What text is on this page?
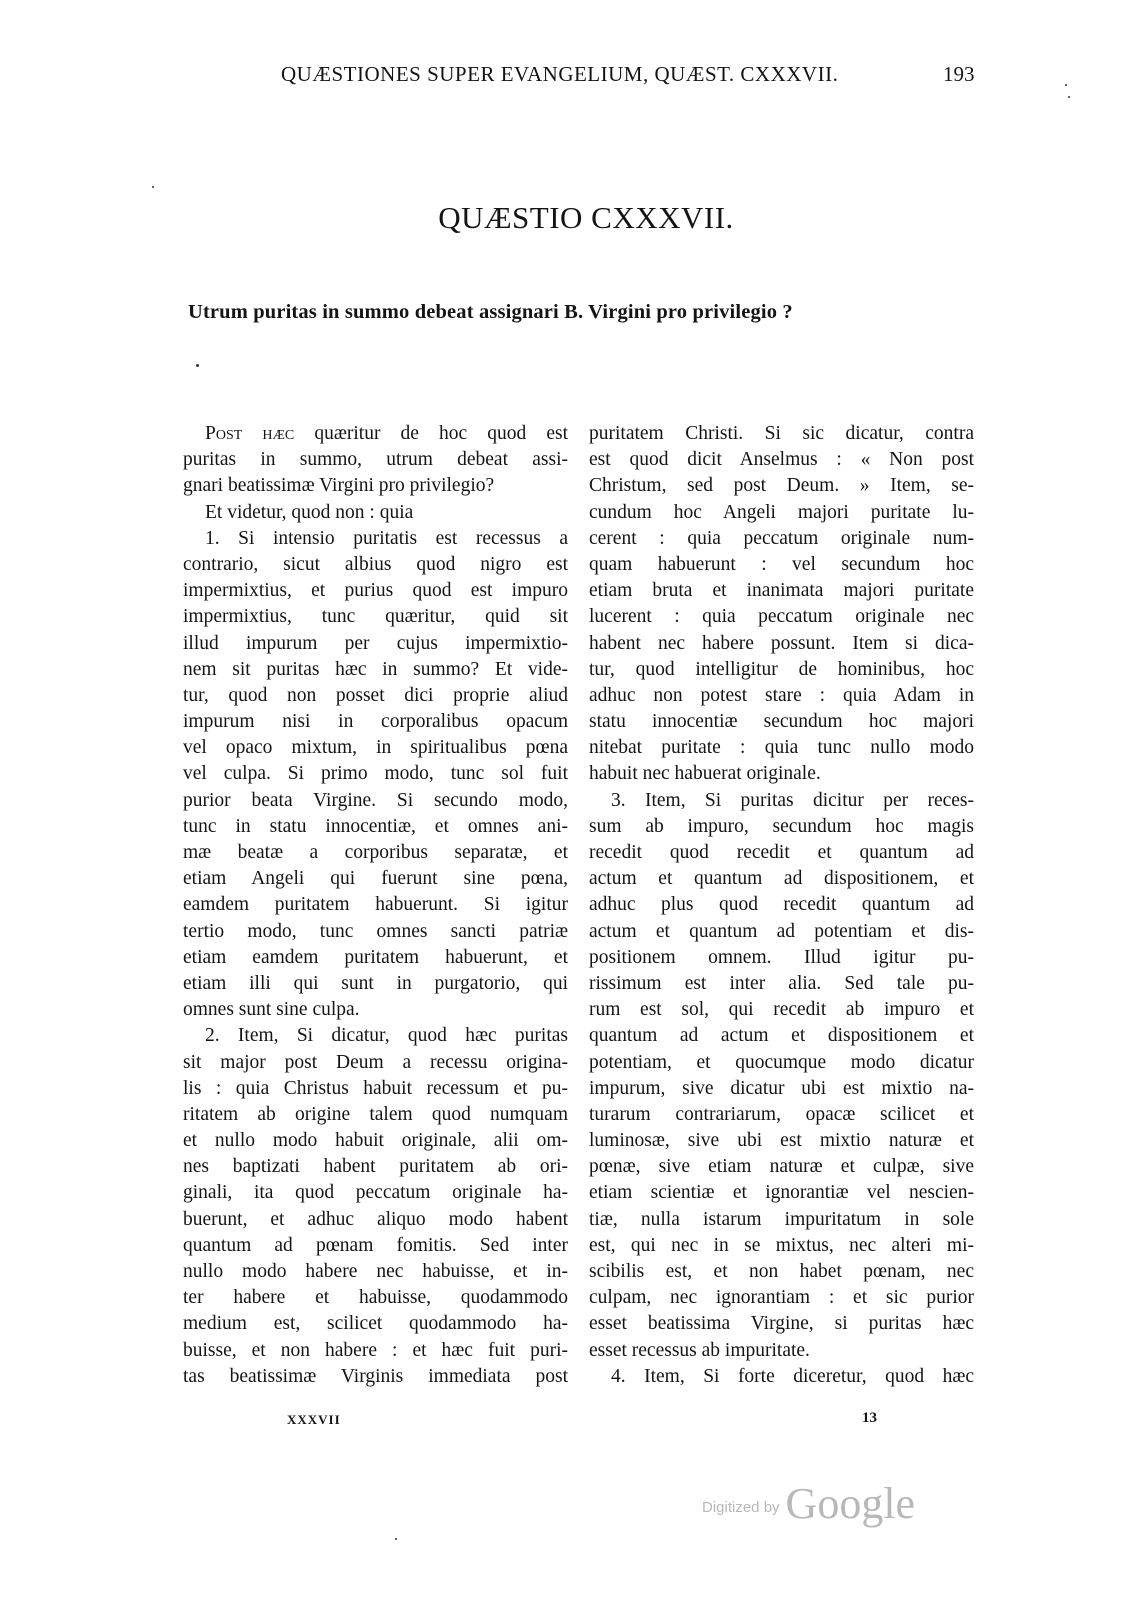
QUÆSTIONES SUPER EVANGELIUM, QUÆST. CXXXVII.	193
QUÆSTIO CXXXVII.
Utrum puritas in summo debeat assignari B. Virgini pro privilegio ?
Post hæc quæritur de hoc quod est
puritas in summo, utrum debeat assi-
gnari beatissimæ Virgini pro privilegio?
Et videtur, quod non : quia
1. Si intensio puritatis est recessus a
contrario, sicut albius quod nigro est
impermixtius, et purius quod est impuro
impermixtius, tunc quæritur, quid sit
illud impurum per cujus impermixtio-
nem sit puritas hæc in summo? Et vide-
tur, quod non posset dici proprie aliud
impurum nisi in corporalibus opacum
vel opaco mixtum, in spiritualibus pœna
vel culpa. Si primo modo, tunc sol fuit
purior beata Virgine. Si secundo modo,
tunc in statu innocentiæ, et omnes ani-
mæ beatæ a corporibus separatæ, et
etiam Angeli qui fuerunt sine pœna,
eamdem puritatem habuerunt. Si igitur
tertio modo, tunc omnes sancti patriæ
etiam eamdem puritatem habuerunt, et
etiam illi qui sunt in purgatorio, qui
omnes sunt sine culpa.
2. Item, Si dicatur, quod hæc puritas
sit major post Deum a recessu origina-
lis : quia Christus habuit recessum et pu-
ritatem ab origine talem quod numquam
et nullo modo habuit originale, alii om-
nes baptizati habent puritatem ab ori-
ginali, ita quod peccatum originale ha-
buerunt, et adhuc aliquo modo habent
quantum ad pœnam fomitis. Sed inter
nullo modo habere nec habuisse, et in-
ter habere et habuisse, quodammodo
medium est, scilicet quodammodo ha-
buisse, et non habere : et hæc fuit puri-
tas beatissimæ Virginis immediata post
puritatem Christi. Si sic dicatur, contra
est quod dicit Anselmus : « Non post
Christum, sed post Deum. » Item, se-
cundum hoc Angeli majori puritate lu-
cerent : quia peccatum originale num-
quam habuerunt : vel secundum hoc
etiam bruta et inanimata majori puritate
lucerent : quia peccatum originale nec
habent nec habere possunt. Item si dica-
tur, quod intelligitur de hominibus, hoc
adhuc non potest stare : quia Adam in
statu innocentiæ secundum hoc majori
nitebat puritate : quia tunc nullo modo
habuit nec habuerat originale.
3. Item, Si puritas dicitur per reces-
sum ab impuro, secundum hoc magis
recedit quod recedit et quantum ad
actum et quantum ad dispositionem, et
adhuc plus quod recedit quantum ad
actum et quantum ad potentiam et dis-
positionem omnem. Illud igitur pu-
rissimum est inter alia. Sed tale pu-
rum est sol, qui recedit ab impuro et
quantum ad actum et dispositionem et
potentiam, et quocumque modo dicatur
impurum, sive dicatur ubi est mixtio na-
turarum contrariarum, opacæ scilicet et
luminosæ, sive ubi est mixtio naturæ et
pœnæ, sive etiam naturæ et culpæ, sive
etiam scientiæ et ignorantiæ vel nescien-
tiæ, nulla istarum impuritatum in sole
est, qui nec in se mixtus, nec alteri mi-
scibilis est, et non habet pœnam, nec
culpam, nec ignorantiam : et sic purior
esset beatissima Virgine, si puritas hæc
esset recessus ab impuritate.
4. Item, Si forte diceretur, quod hæc
XXXVII	13
Digitized by Google
